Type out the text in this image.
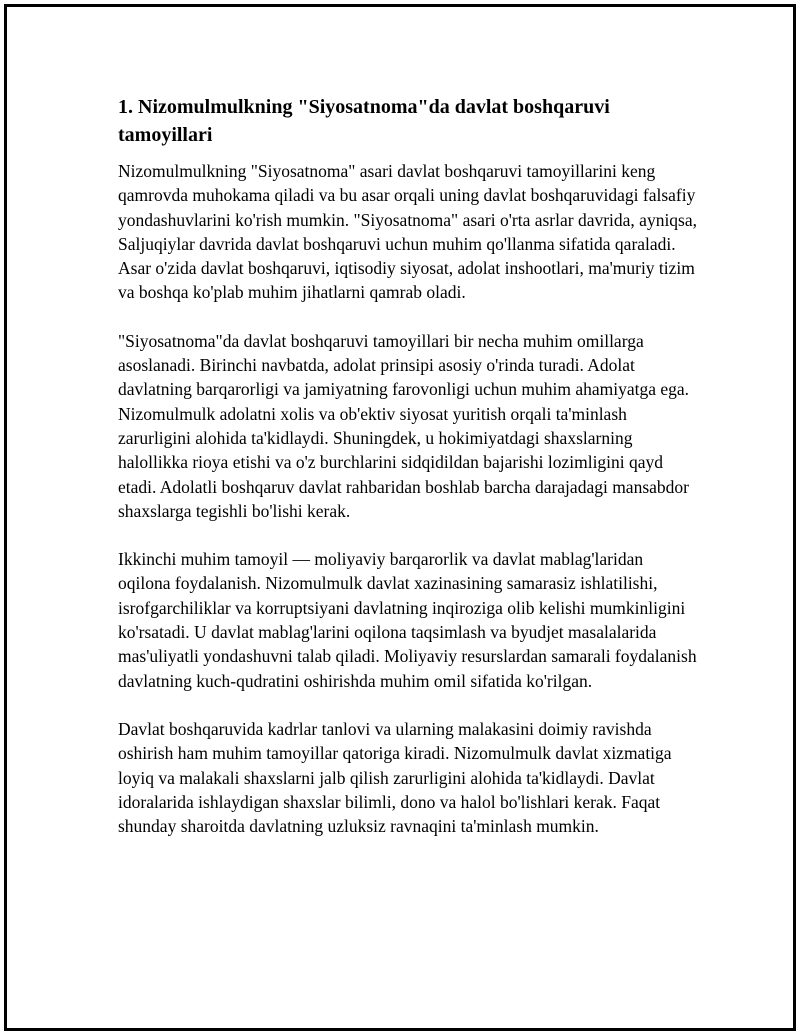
1. Nizomulmulkning "Siyosatnoma"da davlat boshqaruvi tamoyillari

Nizomulmulkning "Siyosatnoma" asari davlat boshqaruvi tamoyillarini keng qamrovda muhokama qiladi va bu asar orqali uning davlat boshqaruvidagi falsafiy yondashuvlarini ko'rish mumkin. "Siyosatnoma" asari o'rta asrlar davrida, ayniqsa, Saljuqiylar davrida davlat boshqaruvi uchun muhim qo'llanma sifatida qaraladi. Asar o'zida davlat boshqaruvi, iqtisodiy siyosat, adolat inshootlari, ma'muriy tizim va boshqa ko'plab muhim jihatlarni qamrab oladi.

"Siyosatnoma"da davlat boshqaruvi tamoyillari bir necha muhim omillarga asoslanadi. Birinchi navbatda, adolat prinsipi asosiy o'rinda turadi. Adolat davlatning barqarorligi va jamiyatning farovonligi uchun muhim ahamiyatga ega. Nizomulmulk adolatni xolis va ob'ektiv siyosat yuritish orqali ta'minlash zarurligini alohida ta'kidlaydi. Shuningdek, u hokimiyatdagi shaxslarning halollikka rioya etishi va o'z burchlarini sidqidildan bajarishi lozimligini qayd etadi. Adolatli boshqaruv davlat rahbaridan boshlab barcha darajadagi mansabdor shaxslarga tegishli bo'lishi kerak.

Ikkinchi muhim tamoyil — moliyaviy barqarorlik va davlat mablag'laridan oqilona foydalanish. Nizomulmulk davlat xazinasining samarasiz ishlatilishi, isrofgarchiliklar va korruptsiyani davlatning inqiroziga olib kelishi mumkinligini ko'rsatadi. U davlat mablag'larini oqilona taqsimlash va byudjet masalalarida mas'uliyatli yondashuvni talab qiladi. Moliyaviy resurslardan samarali foydalanish davlatning kuch-qudratini oshirishda muhim omil sifatida ko'rilgan.

Davlat boshqaruvida kadrlar tanlovi va ularning malakasini doimiy ravishda oshirish ham muhim tamoyillar qatoriga kiradi. Nizomulmulk davlat xizmatiga loyiq va malakali shaxslarni jalb qilish zarurligini alohida ta'kidlaydi. Davlat idoralarida ishlaydigan shaxslar bilimli, dono va halol bo'lishlari kerak. Faqat shunday sharoitda davlatning uzluksiz ravnaqini ta'minlash mumkin.
